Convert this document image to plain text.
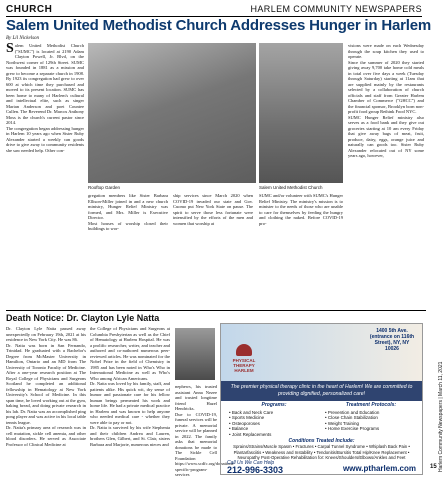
CHURCH	HARLEM COMMUNITY NEWSPAPERS
Salem United Methodist Church Addresses Hunger in Harlem
By Lil Nickelson
Salem United Methodist Church ("SUMC") is located at 2190 Adam Clayton Powell, Jr. Blvd, on the Northwest corner of 129th Street. SUMC was founded in 1881 as a mission and grew to become a separate church in 1908. By 1923 its congregation had grew to over 600 at which time they purchased and moved to its present location. SUMC has been home to many of Harlem's cultural and intellectual elite, such as singer Marian Anderson and poet Countee Cullen. The Reverend Dr. Marcos Anthony Moss is the church's current pastor since 2014.
The congregation began addressing hunger in Harlem 10 years ago when Sister Ruby Alexander started a weekly can goods drive to give away to community residents she saw needed help. Other con-
Rooftop Garden	Salem United Methodist Church
gregation members like Sister Barbara Ellison-Miller joined in and a new church ministry, Hunger Relief Ministry was formed, and Mrs. Miller is Executive Director.
Most houses of worship closed their buildings to wor-
ship services since March 2020 when COVID-19 invaded our state and Gov. Cuomo put New York State on pause. The spirit to serve those less fortunate were intensified by the efforts of the men and women that worship at
SUMC and/or volunteer with SUMC's Hunger Relief Ministry. The ministry's mission is to minister to the needs of those who are unable to care for themselves by feeding the hungry and clothing the naked. Before COVID-19 pro-
visions were made on each Wednesday through the soup kitchen they used to operate.
Since the summer of 2020 they started giving away 9,700 take home cold meals in total over five days a week (Tuesday through Saturday) starting at 11am that are supplied mainly by the restaurants selected by a collaboration of church officials and staff from Greater Harlem Chamber of Commerce ("GHCC") and the financial sponsor, Brooklyn born non-profit food group Rethink Food NYC.
SUMC Hunger Relief ministry also serves as a food bank and they give out groceries starting at 10 am every Friday that give away bags of meat, fruit, produce, dairy, eggs, orange juice and naturally can goods too. Sister Ruby Alexander relocated out of NY some years ago, however,
Death Notice: Dr. Clayton Lyle Natta
Dr. Clayton Lyle Natta passed away unexpectedly on February 19th, 2021 at his residence in New York City. He was 86.
Dr. Natta was born in San Fernando, Trinidad. He graduated with a Bachelor's Degree from McMaster University in Hamilton, Ontario and an MD from The University of Toronto Faculty of Medicine. After a one-year research position at The Royal College of Physicians and Surgeons Scotland he completed an additional fellowship in Hematology at New York University's School of Medicine. In this span time, he loved working out at the gym, baking bread, and doing private research in his lab. Dr. Natta was an accomplished ping pong player and was active in his local table tennis league.
Dr. Natta's primary area of research was in cell mutation, sickle cell anemia, and other blood disorders. He served as Associate Professor of Clinical Medicine at
the College of Physicians and Surgeons at Columbia Presbyterian as well as the Chief of Hematology at Harlem Hospital. He was a prolific researcher, writer, and teacher and authored and co-authored numerous peer-reviewed articles. He was nominated for the Nobel Prize in the field of Chemistry in 1985 and has been noted in Who's Who in International Medicine as well as Who's Who among African Americans.
Dr. Natta was loved by his family, staff, and patients alike. His quick wit, dry sense of humor and passionate care for his fellow human beings permeated his work and home life. He had a private medical practice in Harlem and was known to help anyone who needed medical care - whether they were able to pay or not.
Dr. Natta is survived by his wife Stephenia and their children Andrea and Lauren, brothers Glen, Gilbert, and St. Clair, sisters Barbara and Marjorie, numerous nieces and
nephews, his trusted assistant Anna Nezee and trusted longtime friend Hazel Hendricks.
Due to COVID-19, funeral services will be private. A memorial service will be planned in 2022. The family asks that memorial donations be made to The Sickle Cell Foundation https://www.scdfc.org/donations-specific-program-services
PHYSICAL
THERAPY
HARLEM
1400 5th Ave. (entrance on 116th Street), NY, NY 10026
The premier physical therapy clinic in the heart of Harlem! We are committed to providing dignified, personalized care!
Programs:
• Back and Neck Care
• Sports Medicine
• Osteoporoses
• Balance
• Joint Replacements
Treatment Protocols:
• Prevention and Education
• Close Chain Stabilization
• Weight Training
• Home Exercise Programs
Conditions Treated Include:
Sprains/Strains/Muscle Spasm • Fractures • Carpal Tunnel Syndrome • Whiplash Back Pain • Plantarfasciitis • Weakness and Instability • Tendonitis/Bursitis Total Hip/Knee Replacement • Neuropathy Post-Operative Rehabilitation for: Knees/Shoulders/Elbows/Ankles and Feet
Call Us We Can Help
212-996-3303	www.ptharlem.com	Harlem Community Newspapers | March 11, 2021
15
